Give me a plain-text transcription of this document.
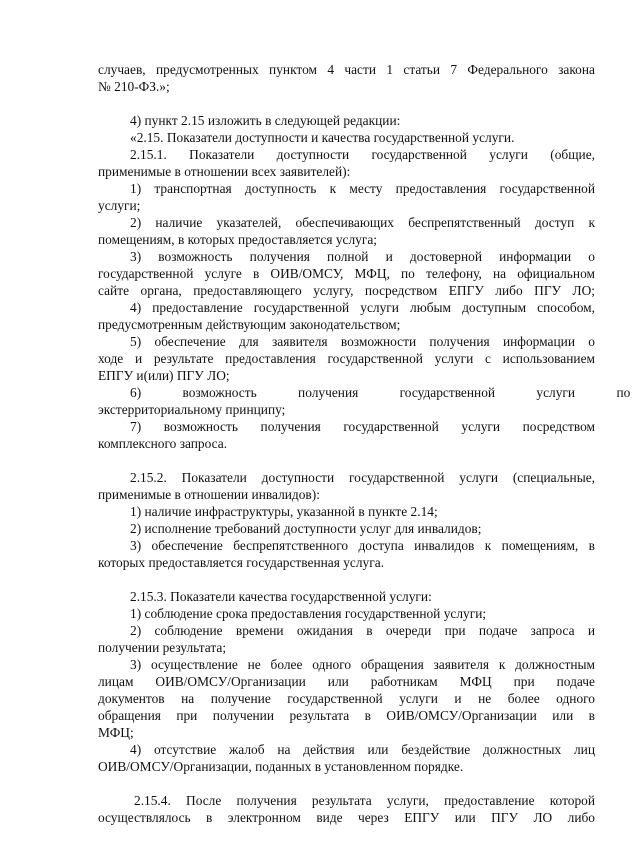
случаев, предусмотренных пунктом 4 части 1 статьи 7 Федерального закона
№ 210-ФЗ.»;
4) пункт 2.15 изложить в следующей редакции:
«2.15. Показатели доступности и качества государственной услуги.
2.15.1. Показатели доступности государственной услуги (общие,
применимые в отношении всех заявителей):
1) транспортная доступность к месту предоставления государственной
услуги;
2) наличие указателей, обеспечивающих беспрепятственный доступ к
помещениям, в которых предоставляется услуга;
3) возможность получения полной и достоверной информации о
государственной услуге в ОИВ/ОМСУ, МФЦ, по телефону, на официальном
сайте органа, предоставляющего услугу, посредством ЕПГУ либо ПГУ ЛО;
4) предоставление государственной услуги любым доступным способом,
предусмотренным действующим законодательством;
5) обеспечение для заявителя возможности получения информации о
ходе и результате предоставления государственной услуги с использованием
ЕПГУ и(или) ПГУ ЛО;
6) возможность получения государственной услуги по
экстерриториальному принципу;
7) возможность получения государственной услуги посредством
комплексного запроса.
2.15.2. Показатели доступности государственной услуги (специальные,
применимые в отношении инвалидов):
1) наличие инфраструктуры, указанной в пункте 2.14;
2) исполнение требований доступности услуг для инвалидов;
3) обеспечение беспрепятственного доступа инвалидов к помещениям, в
которых предоставляется государственная услуга.
2.15.3. Показатели качества государственной услуги:
1) соблюдение срока предоставления государственной услуги;
2) соблюдение времени ожидания в очереди при подаче запроса и
получении результата;
3) осуществление не более одного обращения заявителя к должностным
лицам ОИВ/ОМСУ/Организации или работникам МФЦ при подаче
документов на получение государственной услуги и не более одного
обращения при получении результата в ОИВ/ОМСУ/Организации или в
МФЦ;
4) отсутствие жалоб на действия или бездействие должностных лиц
ОИВ/ОМСУ/Организации, поданных в установленном порядке.
2.15.4. После получения результата услуги, предоставление которой
осуществлялось в электронном виде через ЕПГУ или ПГУ ЛО либо
